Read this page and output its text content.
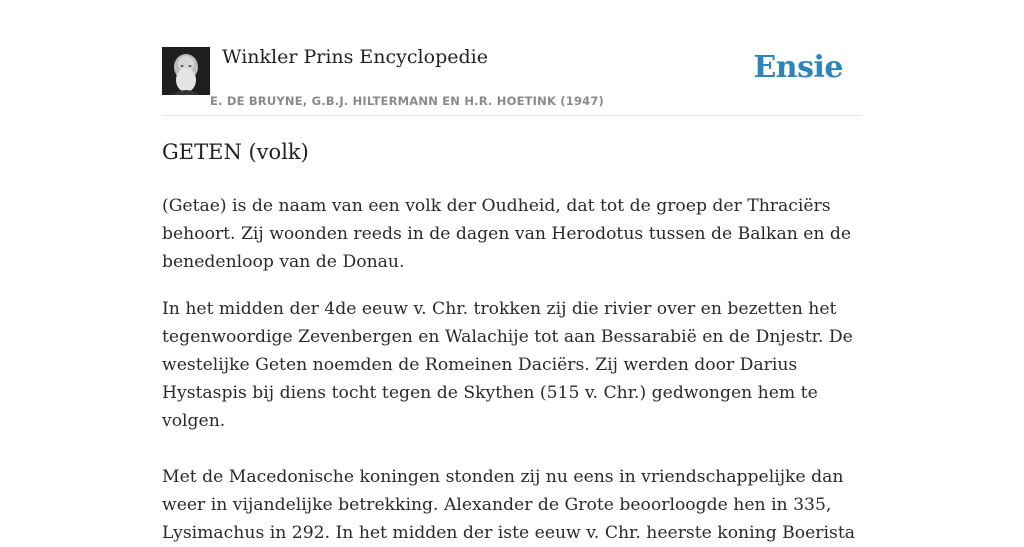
Winkler Prins Encyclopedie
E. DE BRUYNE, G.B.J. HILTERMANN EN H.R. HOETINK (1947)
Ensie
GETEN (volk)

(Getae) is de naam van een volk der Oudheid, dat tot de groep der Thraciërs behoort. Zij woonden reeds in de dagen van Herodotus tussen de Balkan en de benedenloop van de Donau.

In het midden der 4de eeuw v. Chr. trokken zij die rivier over en bezetten het tegenwoordige Zevenbergen en Walachije tot aan Bessarabië en de Dnjestr. De westelijke Geten noemden de Romeinen Daciërs. Zij werden door Darius Hystaspis bij diens tocht tegen de Skythen (515 v. Chr.) gedwongen hem te volgen.

Met de Macedonische koningen stonden zij nu eens in vriendschappelijke dan weer in vijandelijke betrekking. Alexander de Grote beoorloogde hen in 335, Lysimachus in 292. In het midden der iste eeuw v. Chr. heerste koning Boerista
